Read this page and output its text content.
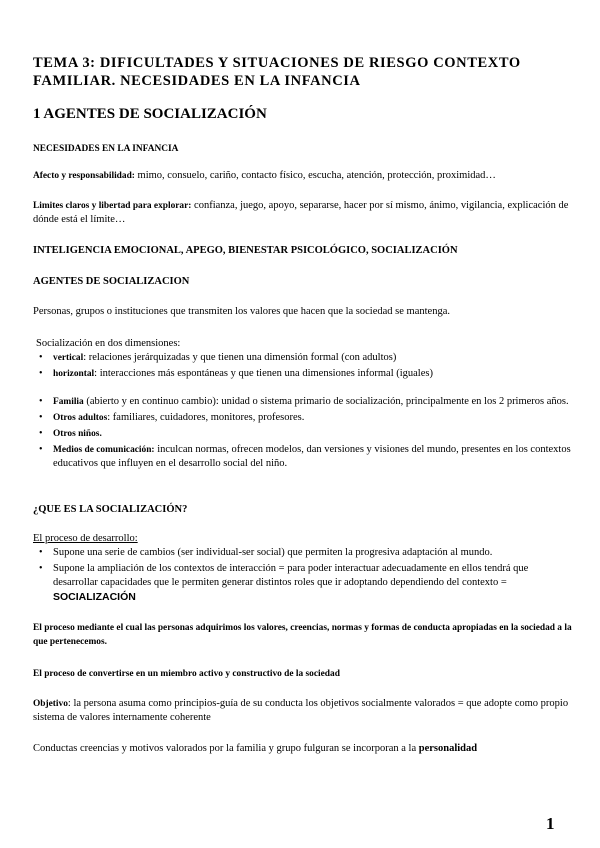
TEMA 3: DIFICULTADES Y SITUACIONES DE RIESGO CONTEXTO FAMILIAR. NECESIDADES EN LA INFANCIA
1 AGENTES DE SOCIALIZACIÓN

NECESIDADES EN LA INFANCIA

Afecto y responsabilidad: mimo, consuelo, cariño, contacto físico, escucha, atención, protección, proximidad…

Limites claros y libertad para explorar: confianza, juego, apoyo, separarse, hacer por sí mismo, ánimo, vigilancia, explicación de dónde está el límite…

INTELIGENCIA EMOCIONAL, APEGO, BIENESTAR PSICOLÓGICO, SOCIALIZACIÓN

AGENTES DE SOCIALIZACION

Personas, grupos o instituciones que transmiten los valores que hacen que la sociedad se mantenga.

Socialización en dos dimensiones:

• vertical: relaciones jerárquizadas y que tienen una dimensión formal (con adultos)
• horizontal: interacciones más espontáneas y que tienen una dimensiones informal (iguales)
• Familia (abierto y en continuo cambio): unidad o sistema primario de socialización, principalmente en los 2 primeros años.
• Otros adultos: familiares, cuidadores, monitores, profesores.
• Otros niños.
• Medios de comunicación: inculcan normas, ofrecen modelos, dan versiones y visiones del mundo, presentes en los contextos educativos que influyen en el desarrollo social del niño.

¿QUE ES LA SOCIALIZACIÓN?

El proceso de desarrollo:

• Supone una serie de cambios (ser individual-ser social) que permiten la progresiva adaptación al mundo.
• Supone la ampliación de los contextos de interacción = para poder interactuar adecuadamente en ellos tendrá que desarrollar capacidades que le permiten generar distintos roles que ir adoptando dependiendo del contexto = SOCIALIZACIÓN

El proceso mediante el cual las personas adquirimos los valores, creencias, normas y formas de conducta apropiadas en la sociedad a la que pertenecemos.

El proceso de convertirse en un miembro activo y constructivo de la sociedad

Objetivo: la persona asuma como principios-guía de su conducta los objetivos socialmente valorados = que adopte como propio sistema de valores internamente coherente

Conductas creencias y motivos valorados por la familia y grupo fulguran se incorporan a la personalidad

1
